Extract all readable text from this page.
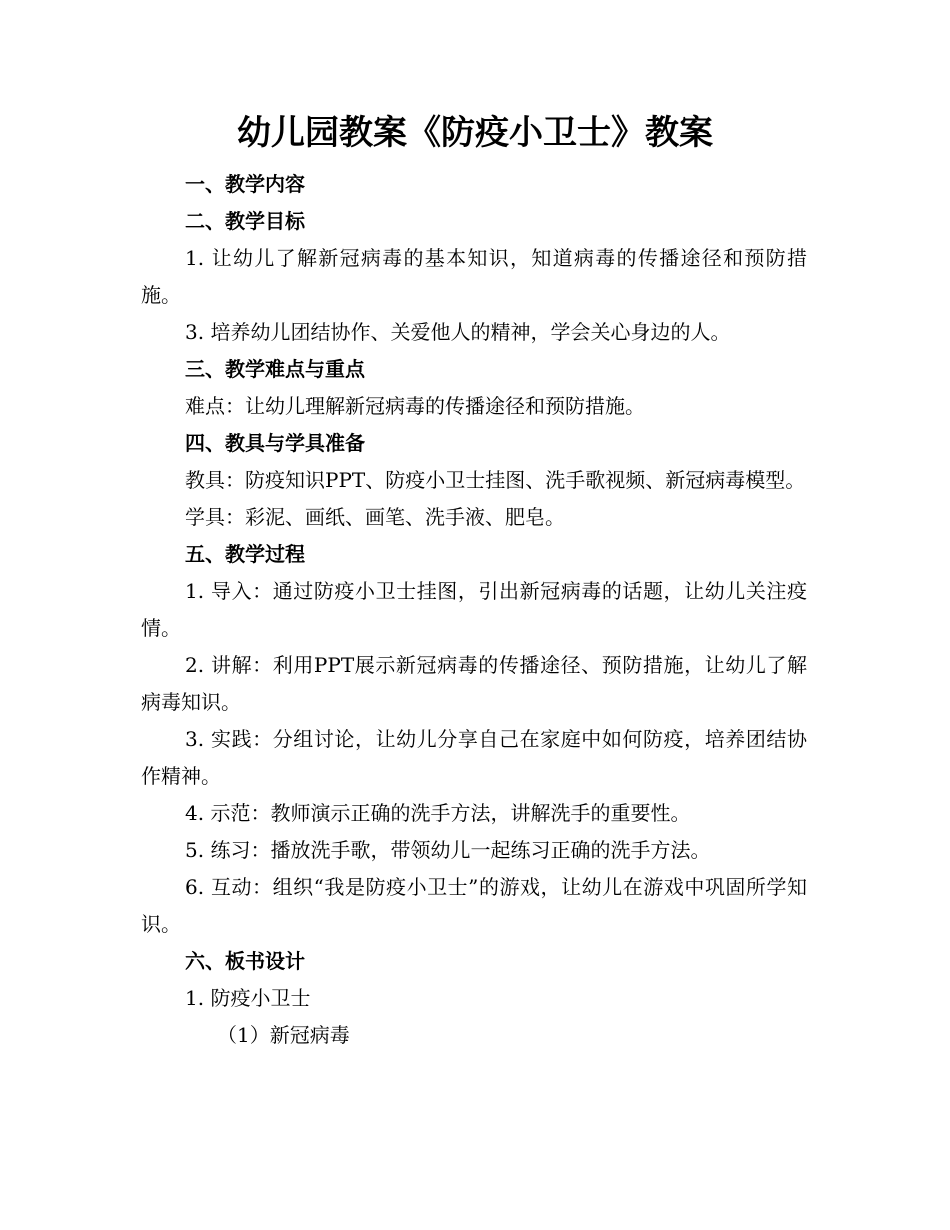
幼儿园教案《防疫小卫士》教案

一、教学内容

二、教学目标

1. 让幼儿了解新冠病毒的基本知识，知道病毒的传播途径和预防措施。

3. 培养幼儿团结协作、关爱他人的精神，学会关心身边的人。

三、教学难点与重点

难点：让幼儿理解新冠病毒的传播途径和预防措施。

四、教具与学具准备

教具：防疫知识PPT、防疫小卫士挂图、洗手歌视频、新冠病毒模型。

学具：彩泥、画纸、画笔、洗手液、肥皂。

五、教学过程

1. 导入：通过防疫小卫士挂图，引出新冠病毒的话题，让幼儿关注疫情。

2. 讲解：利用PPT展示新冠病毒的传播途径、预防措施，让幼儿了解病毒知识。

3. 实践：分组讨论，让幼儿分享自己在家庭中如何防疫，培养团结协作精神。

4. 示范：教师演示正确的洗手方法，讲解洗手的重要性。

5. 练习：播放洗手歌，带领幼儿一起练习正确的洗手方法。

6. 互动：组织“我是防疫小卫士”的游戏，让幼儿在游戏中巩固所学知识。

六、板书设计

1. 防疫小卫士

（1）新冠病毒
